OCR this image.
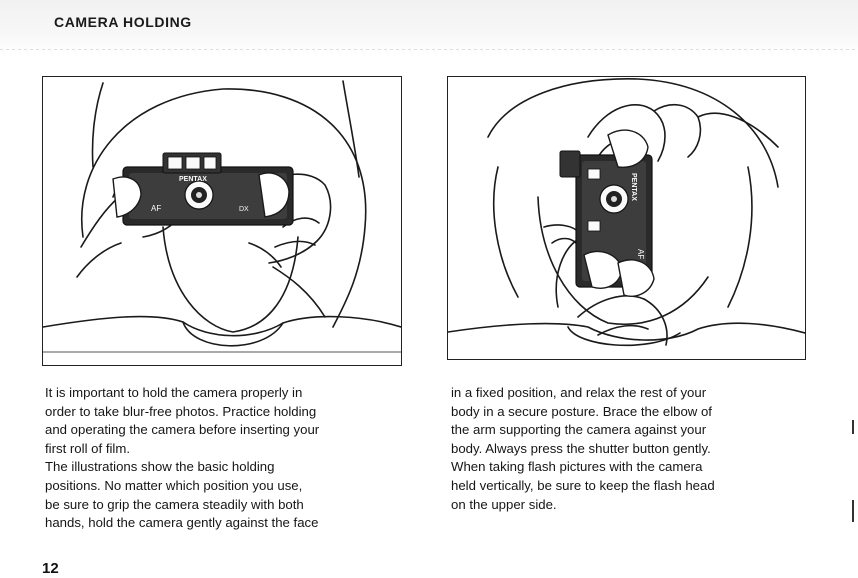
CAMERA HOLDING
PENTAX
AF	DX
PENTAX
AF

It is important to hold the camera properly in

order to take blur-free photos. Practice holding

and operating the camera before inserting your

first roll of film.

The illustrations show the basic holding

positions. No matter which position you use,

be sure to grip the camera steadily with both

hands, hold the camera gently against the face

in a fixed position, and relax the rest of your

body in a secure posture. Brace the elbow of

the arm supporting the camera against your

body. Always press the shutter button gently.

When taking flash pictures with the camera

held vertically, be sure to keep the flash head

on the upper side.

12
